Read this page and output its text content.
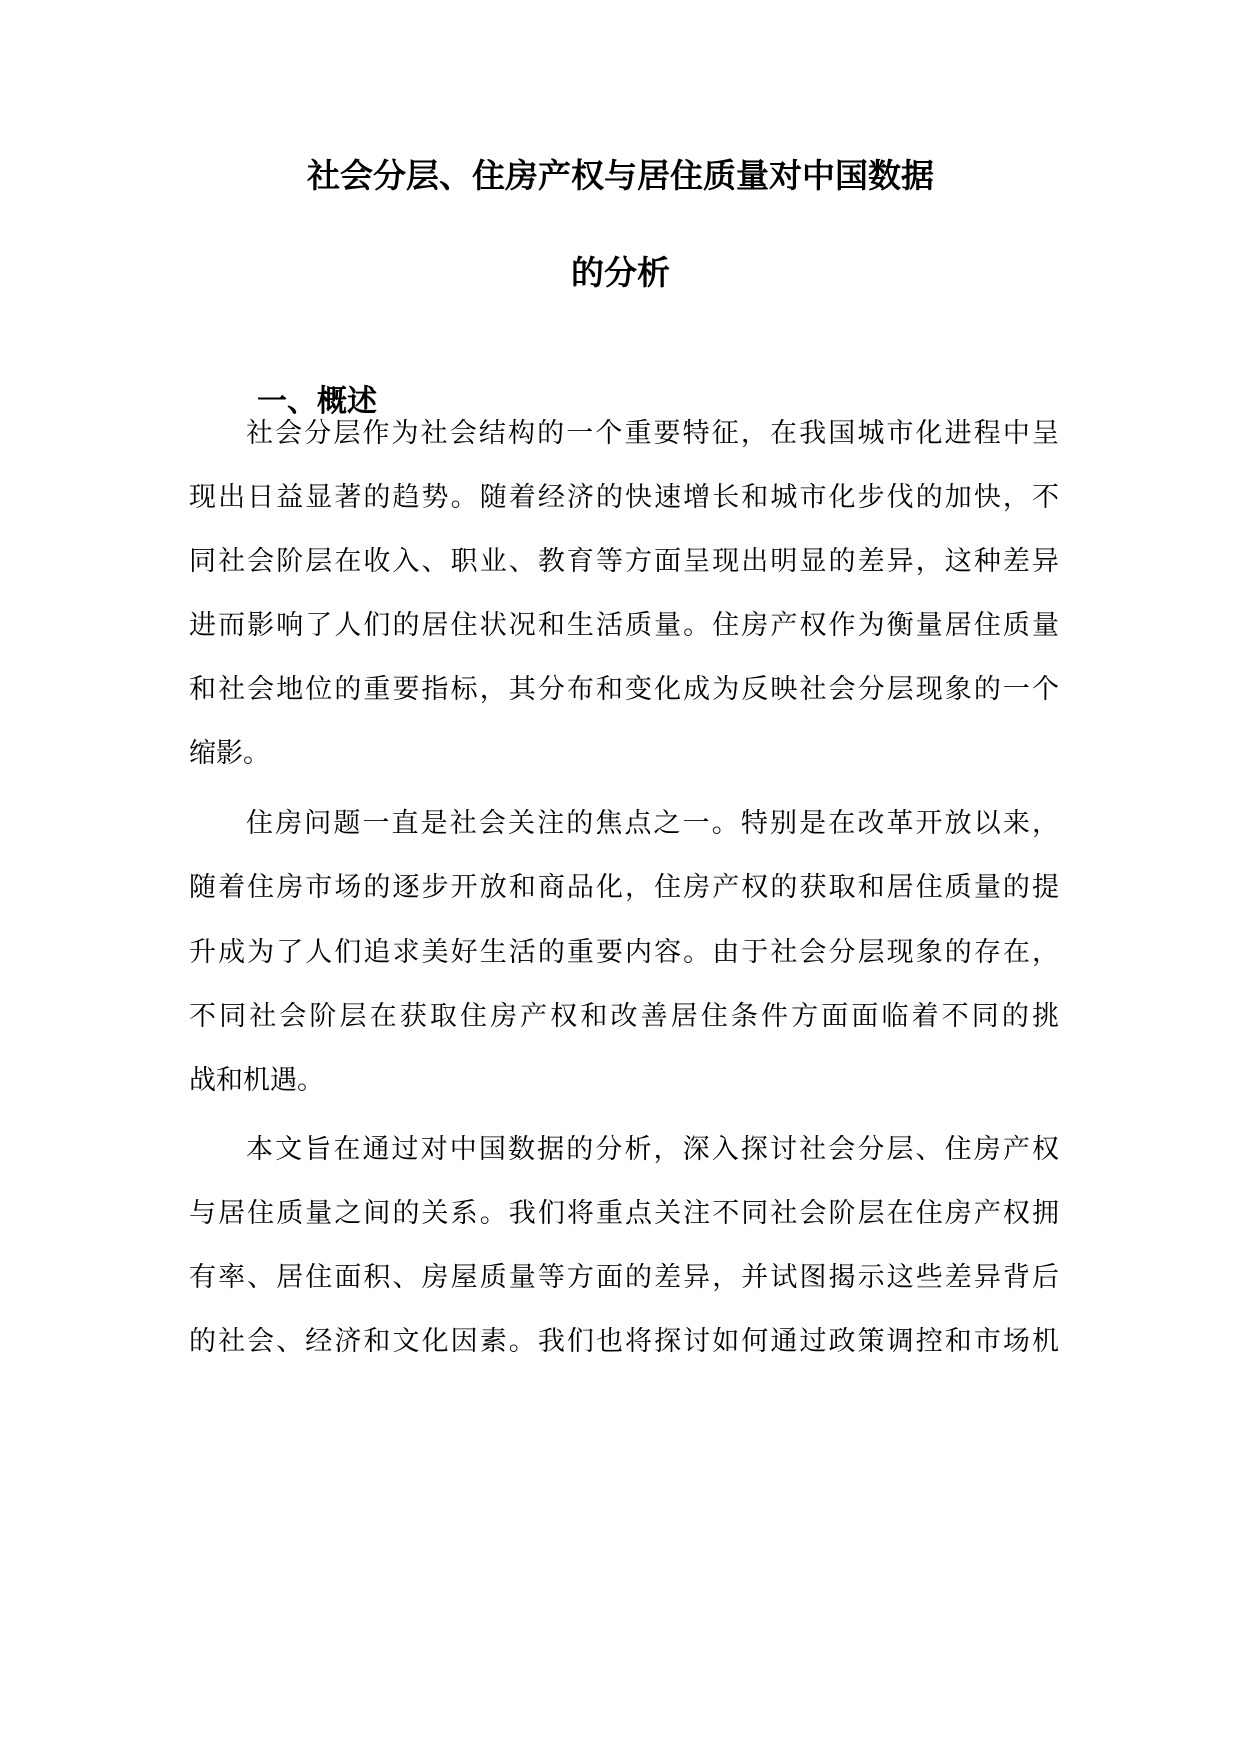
社会分层、住房产权与居住质量对中国数据
的分析
一、概述
社会分层作为社会结构的一个重要特征，在我国城市化进程中呈
现出日益显著的趋势。随着经济的快速增长和城市化步伐的加快，不
同社会阶层在收入、职业、教育等方面呈现出明显的差异，这种差异
进而影响了人们的居住状况和生活质量。住房产权作为衡量居住质量
和社会地位的重要指标，其分布和变化成为反映社会分层现象的一个
缩影。
住房问题一直是社会关注的焦点之一。特别是在改革开放以来，
随着住房市场的逐步开放和商品化，住房产权的获取和居住质量的提
升成为了人们追求美好生活的重要内容。由于社会分层现象的存在，
不同社会阶层在获取住房产权和改善居住条件方面面临着不同的挑
战和机遇。
本文旨在通过对中国数据的分析，深入探讨社会分层、住房产权
与居住质量之间的关系。我们将重点关注不同社会阶层在住房产权拥
有率、居住面积、房屋质量等方面的差异，并试图揭示这些差异背后
的社会、经济和文化因素。我们也将探讨如何通过政策调控和市场机
